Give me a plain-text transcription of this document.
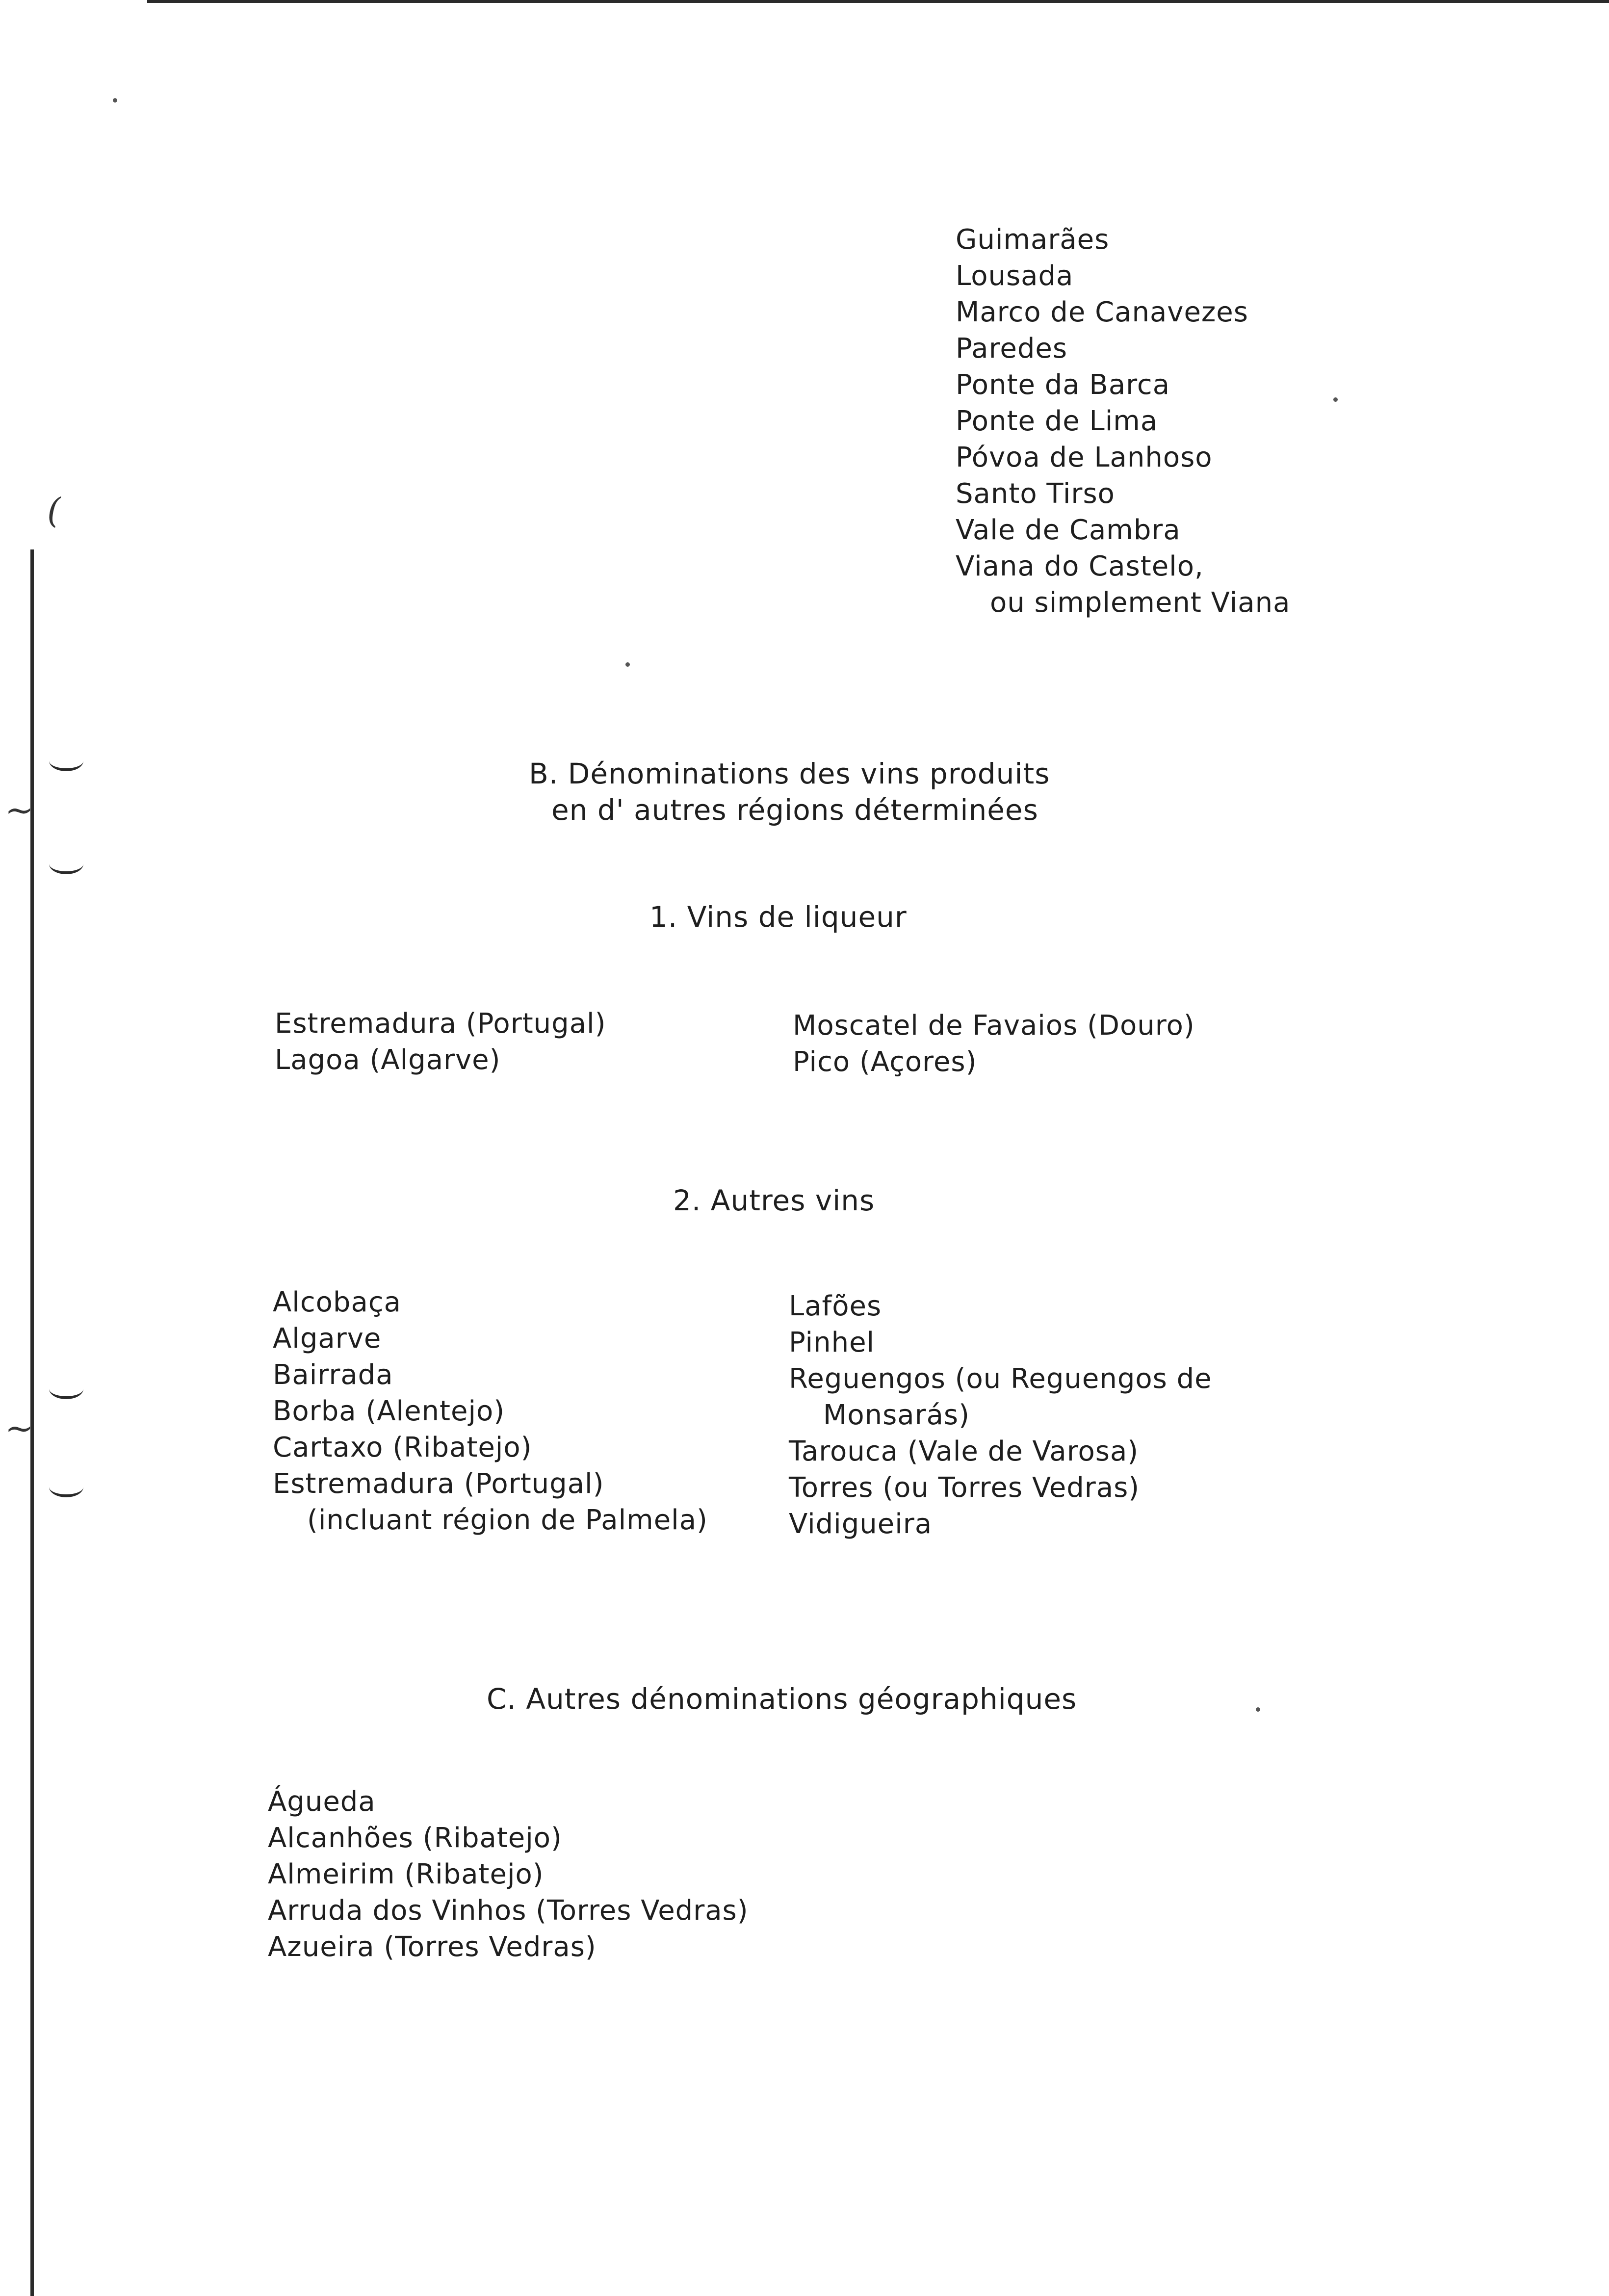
(
~
~
Guimarães
Lousada
Marco de Canavezes
Paredes
Ponte da Barca
Ponte de Lima
Póvoa de Lanhoso
Santo Tirso
Vale de Cambra
Viana do Castelo,
ou simplement Viana
B. Dénominations des vins produits
en d' autres régions déterminées
1. Vins de liqueur
Estremadura (Portugal)
Lagoa (Algarve)
Moscatel de Favaios (Douro)
Pico (Açores)
2. Autres vins
Alcobaça
Algarve
Bairrada
Borba (Alentejo)
Cartaxo (Ribatejo)
Estremadura (Portugal)
(incluant région de Palmela)
Lafões
Pinhel
Reguengos (ou Reguengos de
Monsarás)
Tarouca (Vale de Varosa)
Torres (ou Torres Vedras)
Vidigueira
C. Autres dénominations géographiques
Águeda
Alcanhões (Ribatejo)
Almeirim (Ribatejo)
Arruda dos Vinhos (Torres Vedras)
Azueira (Torres Vedras)
